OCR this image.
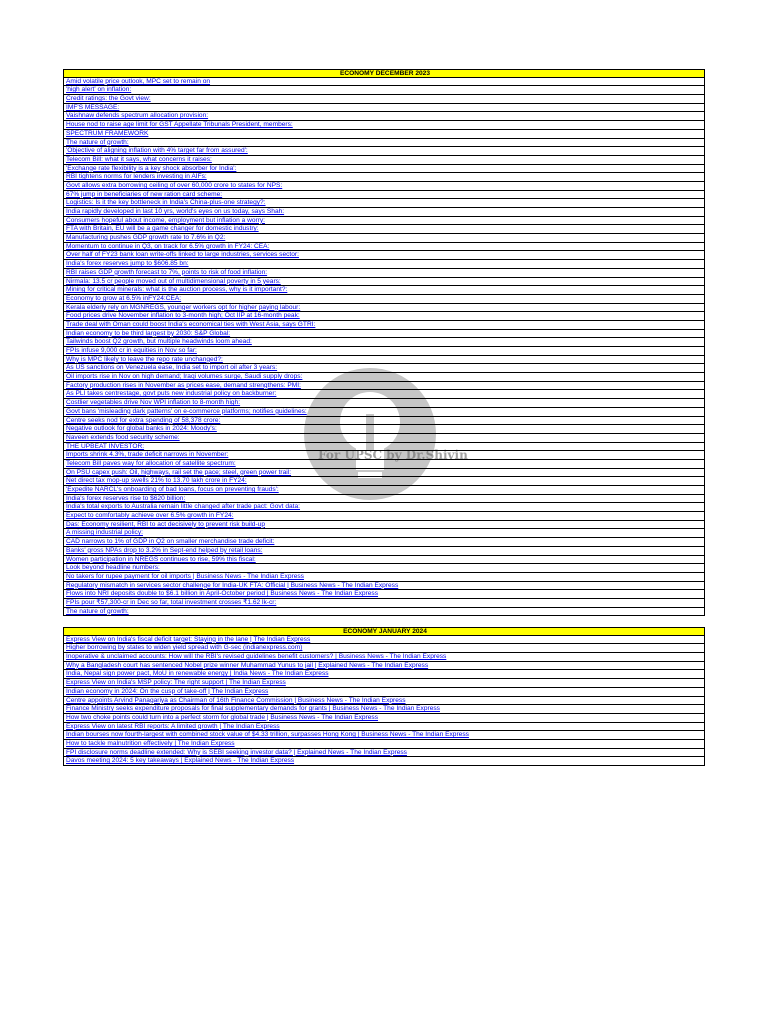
For UPSC by Dr.Shivin
ECONOMY DECEMBER 2023
Amid volatile price outlook, MPC set to remain on
'high alert' on inflation:
Credit ratings: the Govt view:
IMF'S MESSAGE:
Vaishnaw defends spectrum allocation provision:
House nod to raise age limit for GST Appellate Tribunals President, members:
SPECTRUM FRAMEWORK
The nature of growth:
'Objective of aligning inflation with 4% target far from assured':
Telecom Bill: what it says, what concerns it raises:
'Exchange rate flexibility is a key shock absorber for India':
RBI tightens norms for lenders investing in AIFs:
Govt allows extra borrowing ceiling of over 60,000 crore to states for NPS:
67% jump in beneficiaries of new ration card scheme:
Logistics: Is it the key bottleneck in India's China-plus-one strategy?:
India rapidly developed in last 10 yrs, world's eyes on us today, says Shah:
Consumers hopeful about income, employment but inflation a worry:
FTA with Britain, EU will be a game changer for domestic industry:
Manufacturing pushes GDP growth rate to 7.6% in Q2:
Momentum to continue in Q3, on track for 6.5% growth in FY24: CEA:
Over half of FY23 bank loan write-offs linked to large industries, services sector:
India's forex reserves jump to $606.85 bn:
RBI raises GDP growth forecast to 7%, points to risk of food inflation:
Nirmala: 13.5 cr people moved out of multidimensional poverty in 5 years:
Mining for critical minerals: what is the auction process, why is it important?:
Economy to grow at 6.5% inFY24:CEA:
Kerala elderly rely on MGNREGS, younger workers opt for higher paying labour:
Food prices drive November inflation to 3-month high; Oct IIP at 16-month peak:
Trade deal with Oman could boost India's economical ties with West Asia, says GTRI:
Indian economy to be third largest by 2030: S&P Global:
Tailwinds boost Q2 growth, but multiple headwinds loom ahead:
FPIs infuse 9,000 cr in equities in Nov so far:
Why is MPC likely to leave the repo rate unchanged?:
As US sanctions on Venezuela ease, India set to import oil after 3 years:
Oil imports rise in Nov on high demand; Iraqi volumes surge, Saudi supply drops:
Factory production rises in November as prices ease, demand strengthens: PMI:
As PLI takes centrestage, govt puts new industrial policy on backburner:
Costlier vegetables drive Nov WPI inflation to 8-month high:
Govt bans 'misleading dark patterns' on e-commerce platforms; notifies guidelines:
Centre seeks nod for extra spending of 58,378 crore:
Negative outlook for global banks in 2024: Moody's:
Naveen extends food security scheme:
THE UPBEAT INVESTOR:
Imports shrink 4.3%, trade deficit narrows in November:
Telecom Bill paves way for allocation of satellite spectrum:
On PSU capex push: Oil, highways, rail set the pace; steel, green power trail:
Net direct tax mop-up swells 21% to 13.70 lakh crore in FY24:
'Expedite NARCL's onboarding of bad loans, focus on preventing frauds':
India's forex reserves rise to $620 billion:
India's total exports to Australia remain little changed after trade pact: Govt data:
Expect to comfortably achieve over 6.5% growth in FY24:
Das: Economy resilient, RBI to act decisively to prevent risk build-up
A missing industrial policy:
CAD narrows to 1% of GDP in Q2 on smaller merchandise trade deficit:
Banks' gross NPAs drop to 3.2% in Sept-end helped by retail loans:
Women participation in NREGS continues to rise, 59% this fiscal:
Look beyond headline numbers:
No takers for rupee payment for oil imports | Business News - The Indian Express
Regulatory mismatch in services sector challenge for India-UK FTA: Official | Business News - The Indian Express
Flows into NRI deposits double to $6.1 billion in April-October period | Business News - The Indian Express
FPIs pour ₹57,300-cr in Dec so far, total investment crosses ₹1.62 lk-cr:
The nature of growth:
ECONOMY JANUARY 2024
Express View on India's fiscal deficit target: Staying in the lane | The Indian Express
Higher borrowing by states to widen yield spread with G-sec (indianexpress.com)
Inoperative & unclaimed accounts: How will the RBI's revised guidelines benefit customers? | Business News - The Indian Express
Why a Bangladesh court has sentenced Nobel prize winner Muhammad Yunus to jail | Explained News - The Indian Express
India, Nepal sign power pact, MoU in renewable energy | India News - The Indian Express
Express View on India's MSP policy: The right support | The Indian Express
Indian economy in 2024: On the cusp of take-off | The Indian Express
Centre appoints Arvind Panagariya as Chairman of 16th Finance Commission | Business News - The Indian Express
Finance Ministry seeks expenditure proposals for final supplementary demands for grants | Business News - The Indian Express
How two choke points could turn into a perfect storm for global trade | Business News - The Indian Express
Express View on latest RBI reports: A limited growth | The Indian Express
Indian bourses now fourth-largest with combined stock value of $4.33 trillion, surpasses Hong Kong | Business News - The Indian Express
How to tackle malnutrition effectively | The Indian Express
FPI disclosure norms deadline extended: Why is SEBI seeking investor data? | Explained News - The Indian Express
Davos meeting 2024: 5 key takeaways | Explained News - The Indian Express
